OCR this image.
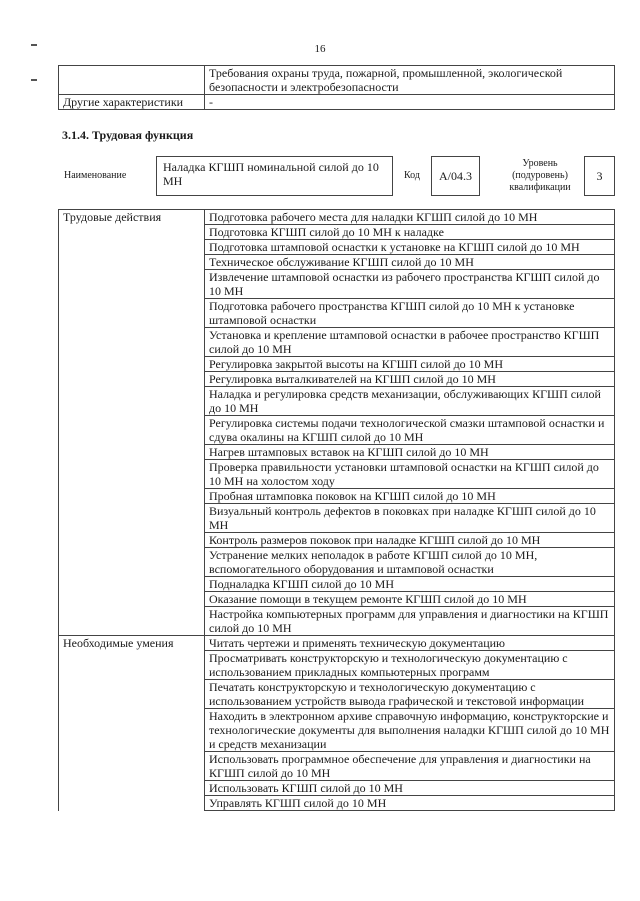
16
	Требования охраны труда, пожарной, промышленной, экологической безопасности и электробезопасности
Другие характеристики	-
3.1.4. Трудовая функция
Наименование
Наладка КГШП номинальной силой до 10 МН	Код А/04.3
Уровень (подуровень) квалификации
3
Трудовые действия	Подготовка рабочего места для наладки КГШП силой до 10 МН
	Подготовка КГШП силой до 10 МН к наладке
	Подготовка штамповой оснастки к установке на КГШП силой до 10 МН
	Техническое обслуживание КГШП силой до 10 МН
	Извлечение штамповой оснастки из рабочего пространства КГШП силой до 10 МН
	Подготовка рабочего пространства КГШП силой до 10 МН к установке штамповой оснастки
	Установка и крепление штамповой оснастки в рабочее пространство КГШП силой до 10 МН
	Регулировка закрытой высоты на КГШП силой до 10 МН
	Регулировка выталкивателей на КГШП силой до 10 МН
	Наладка и регулировка средств механизации, обслуживающих КГШП силой до 10 МН
	Регулировка системы подачи технологической смазки штамповой оснастки и сдува окалины на КГШП силой до 10 МН
	Нагрев штамповых вставок на КГШП силой до 10 МН
	Проверка правильности установки штамповой оснастки на КГШП силой до 10 МН на холостом ходу
	Пробная штамповка поковок на КГШП силой до 10 МН
	Визуальный контроль дефектов в поковках при наладке КГШП силой до 10 МН
	Контроль размеров поковок при наладке КГШП силой до 10 МН
	Устранение мелких неполадок в работе КГШП силой до 10 МН, вспомогательного оборудования и штамповой оснастки
	Подналадка КГШП силой до 10 МН
	Оказание помощи в текущем ремонте КГШП силой до 10 МН
	Настройка компьютерных программ для управления и диагностики на КГШП силой до 10 МН
Необходимые умения	Читать чертежи и применять техническую документацию
	Просматривать конструкторскую и технологическую документацию с использованием прикладных компьютерных программ
	Печатать конструкторскую и технологическую документацию с использованием устройств вывода графической и текстовой информации
	Находить в электронном архиве справочную информацию, конструкторские и технологические документы для выполнения наладки КГШП силой до 10 МН и средств механизации
	Использовать программное обеспечение для управления и диагностики на КГШП силой до 10 МН
	Использовать КГШП силой до 10 МН
	Управлять КГШП силой до 10 МН
